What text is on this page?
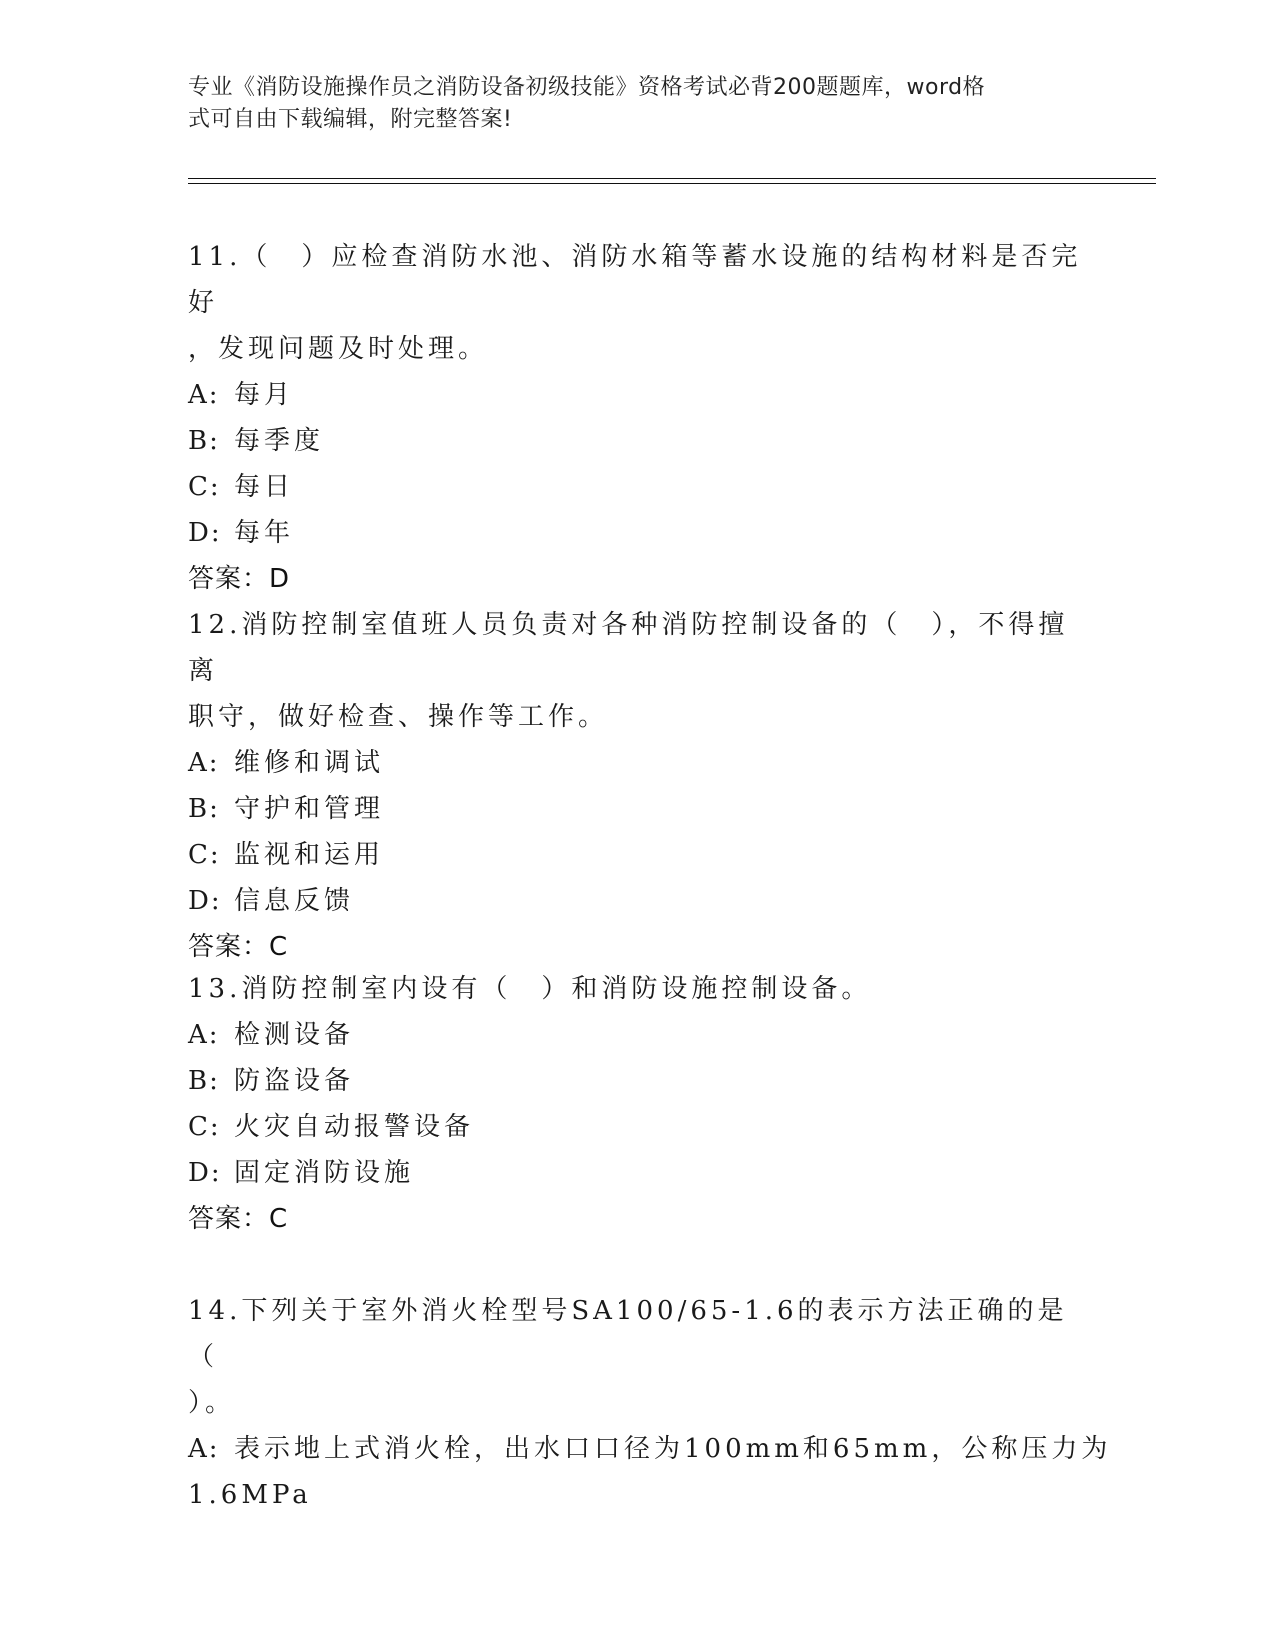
专业《消防设施操作员之消防设备初级技能》资格考试必背200题题库，word格
式可自由下载编辑，附完整答案!
11.（　）应检查消防水池、消防水箱等蓄水设施的结构材料是否完好
，发现问题及时处理。
A: 每月
B: 每季度
C: 每日
D: 每年
答案：D
12.消防控制室值班人员负责对各种消防控制设备的（　），不得擅离
职守，做好检查、操作等工作。
A: 维修和调试
B: 守护和管理
C: 监视和运用
D: 信息反馈
答案：C
13.消防控制室内设有（　）和消防设施控制设备。
A: 检测设备
B: 防盗设备
C: 火灾自动报警设备
D: 固定消防设施
答案：C
14.下列关于室外消火栓型号SA100/65-1.6的表示方法正确的是（
）。
A: 表示地上式消火栓，出水口口径为100mm和65mm，公称压力为
1.6MPa
